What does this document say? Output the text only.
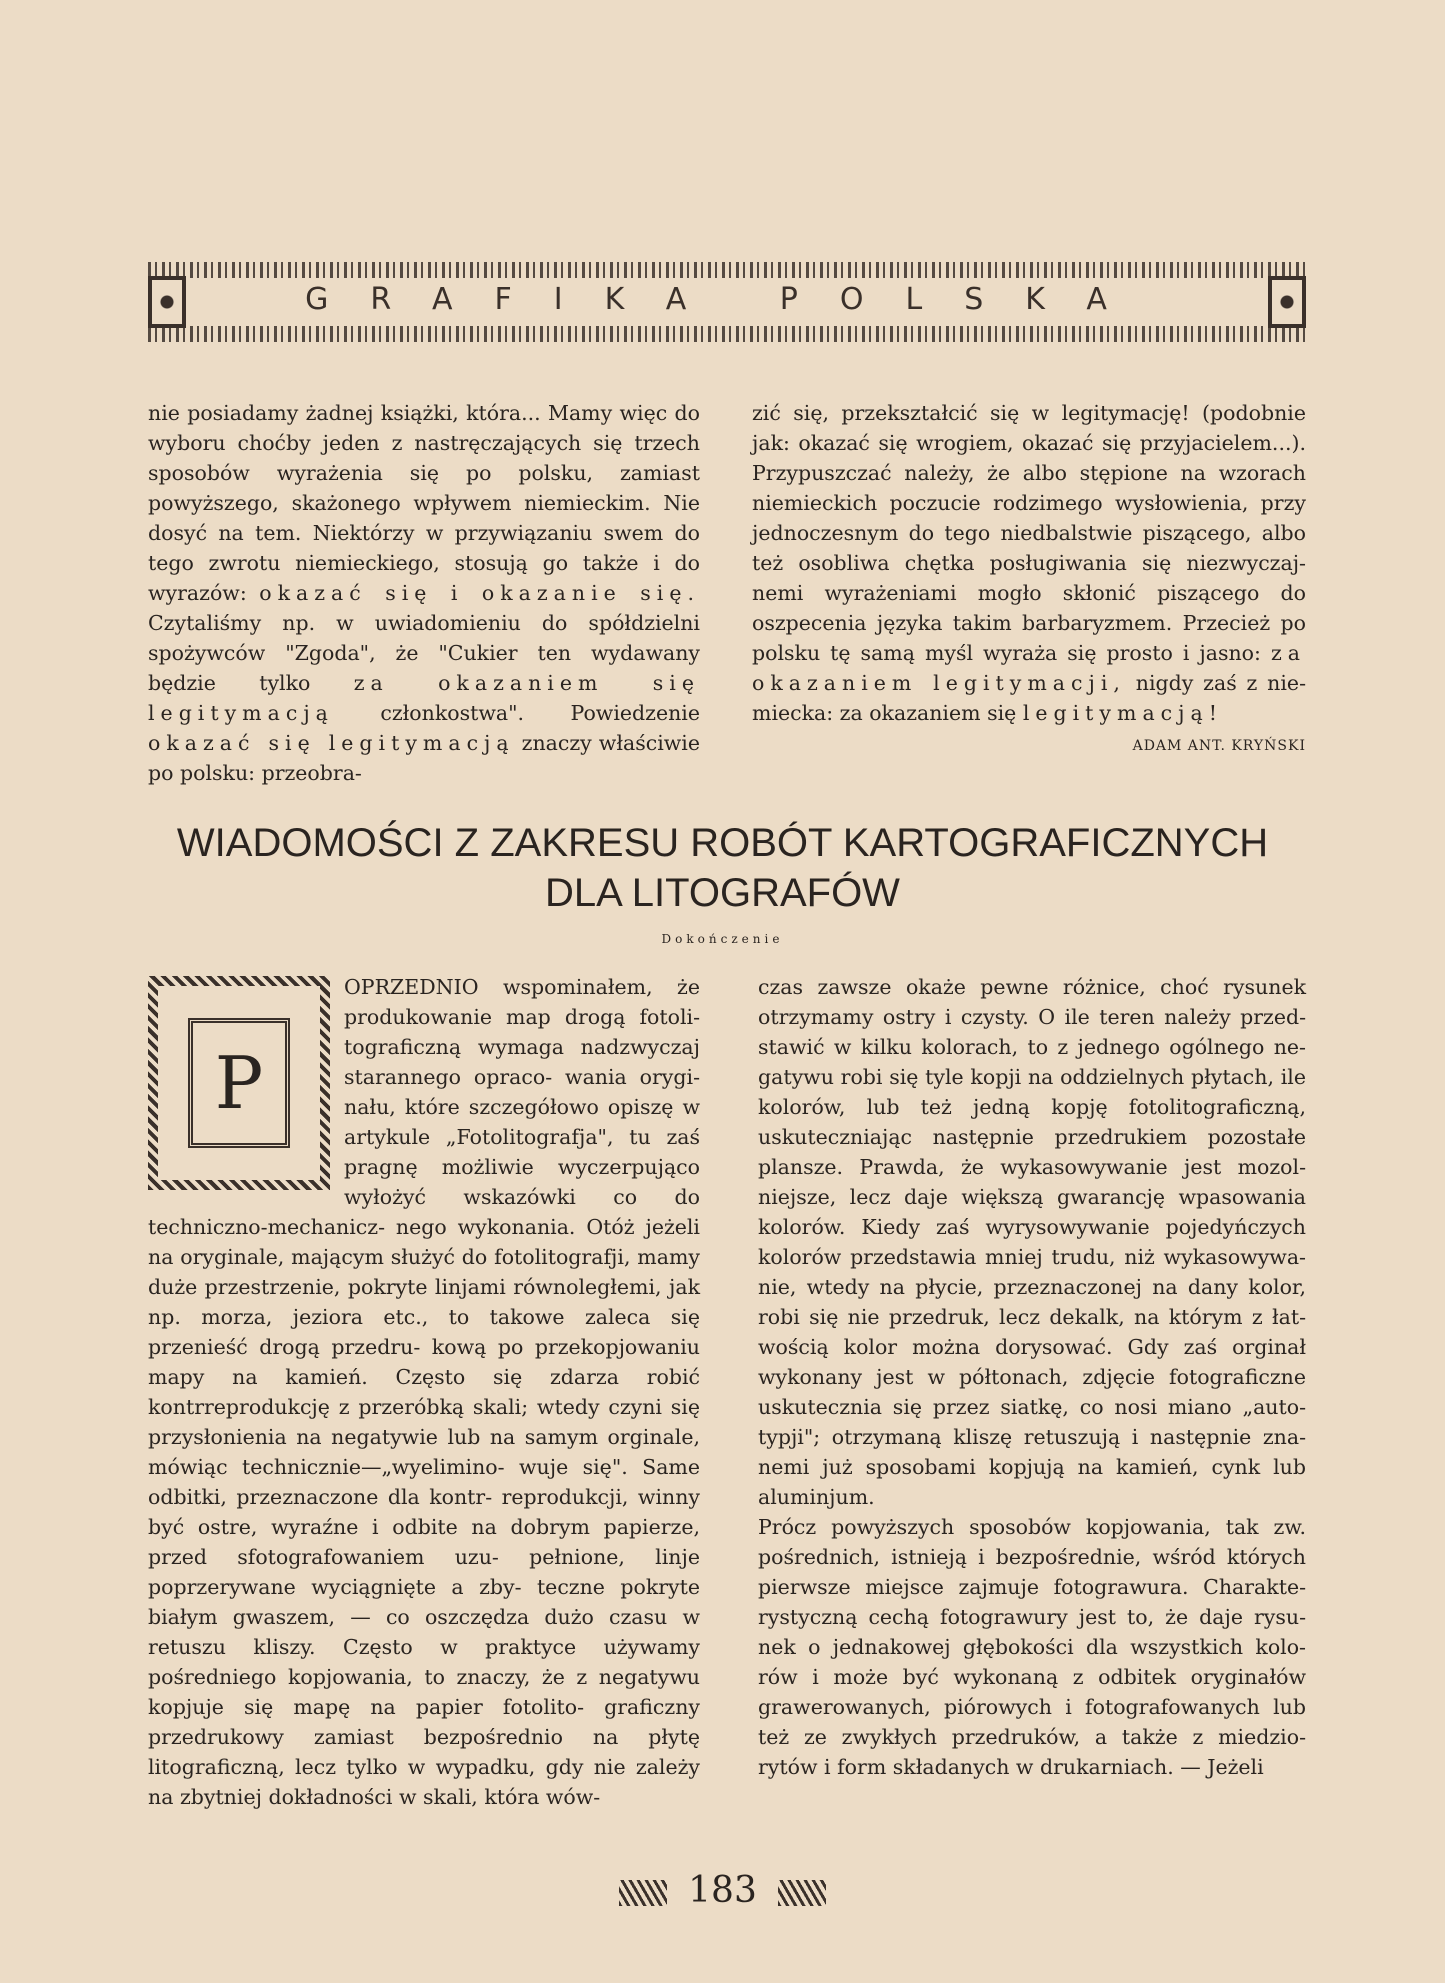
GRAFIKA POLSKA

nie posiadamy żadnej książki, która... Mamy więc do wyboru choćby jeden z nastręczających się trzech sposobów wyrażenia się po polsku, zamiast powyższego, skażonego wpływem niemieckim. Nie dosyć na tem. Niektórzy w przywiązaniu swem do tego zwrotu niemieckiego, stosują go także i do wyrazów: okazać się i okazanie się. Czytaliśmy np. w uwiadomieniu do spółdzielni spożywców "Zgoda", że "Cukier ten wydawany będzie tylko za okazaniem się legitymacją członkostwa". Powiedzenie okazać się legitymacją znaczy właściwie po polsku: przeobra-

zić się, przekształcić się w legitymację! (podobnie jak: okazać się wrogiem, okazać się przyjacielem...). Przypuszczać należy, że albo stępione na wzorach niemieckich poczucie rodzimego wysłowienia, przy jednoczesnym do tego niedbalstwie piszącego, albo też osobliwa chętka posługiwania się niezwyczaj- nemi wyrażeniami mogło skłonić piszącego do oszpecenia języka takim barbaryzmem. Przecież po polsku tę samą myśl wyraża się prosto i jasno: za okazaniem legitymacji, nigdy zaś z nie- miecka: za okazaniem się legitymacją!

ADAM ANT. KRYŃSKI
WIADOMOŚCI Z ZAKRESU ROBÓT KARTOGRAFICZNYCH
DLA LITOGRAFÓW
Dokończenie
P

OPRZEDNIO wspominałem, że produkowanie map drogą fotoli- tograficzną wymaga nadzwyczaj starannego opraco- wania orygi- nału, które szczegółowo opiszę w artykule „Fotolitografja", tu zaś pragnę możliwie wyczerpująco wyłożyć wskazówki co do techniczno-mechanicz- nego wykonania. Otóż jeżeli na oryginale, mającym służyć do fotolitografji, mamy duże przestrzenie, pokryte linjami równoległemi, jak np. morza, jeziora etc., to takowe zaleca się przenieść drogą przedru- kową po przekopjowaniu mapy na kamień. Często się zdarza robić kontrreprodukcję z przeróbką skali; wtedy czyni się przysłonienia na negatywie lub na samym orginale, mówiąc technicznie—„wyelimino- wuje się". Same odbitki, przeznaczone dla kontr- reprodukcji, winny być ostre, wyraźne i odbite na dobrym papierze, przed sfotografowaniem uzu- pełnione, linje poprzerywane wyciągnięte a zby- teczne pokryte białym gwaszem, — co oszczędza dużo czasu w retuszu kliszy. Często w praktyce używamy pośredniego kopjowania, to znaczy, że z negatywu kopjuje się mapę na papier fotolito- graficzny przedrukowy zamiast bezpośrednio na płytę litograficzną, lecz tylko w wypadku, gdy nie zależy na zbytniej dokładności w skali, która wów-

czas zawsze okaże pewne różnice, choć rysunek otrzymamy ostry i czysty. O ile teren należy przed- stawić w kilku kolorach, to z jednego ogólnego ne- gatywu robi się tyle kopji na oddzielnych płytach, ile kolorów, lub też jedną kopję fotolitograficzną, uskuteczniając następnie przedrukiem pozostałe plansze. Prawda, że wykasowywanie jest mozol- niejsze, lecz daje większą gwarancję wpasowania kolorów. Kiedy zaś wyrysowywanie pojedyńczych kolorów przedstawia mniej trudu, niż wykasowywa- nie, wtedy na płycie, przeznaczonej na dany kolor, robi się nie przedruk, lecz dekalk, na którym z łat- wością kolor można dorysować. Gdy zaś orginał wykonany jest w półtonach, zdjęcie fotograficzne uskutecznia się przez siatkę, co nosi miano „auto- typji"; otrzymaną kliszę retuszują i następnie zna- nemi już sposobami kopjują na kamień, cynk lub aluminjum.

Prócz powyższych sposobów kopjowania, tak zw. pośrednich, istnieją i bezpośrednie, wśród których pierwsze miejsce zajmuje fotograwura. Charakte- rystyczną cechą fotograwury jest to, że daje rysu- nek o jednakowej głębokości dla wszystkich kolo- rów i może być wykonaną z odbitek oryginałów grawerowanych, piórowych i fotografowanych lub też ze zwykłych przedruków, a także z miedzio- rytów i form składanych w drukarniach. — Jeżeli

183
